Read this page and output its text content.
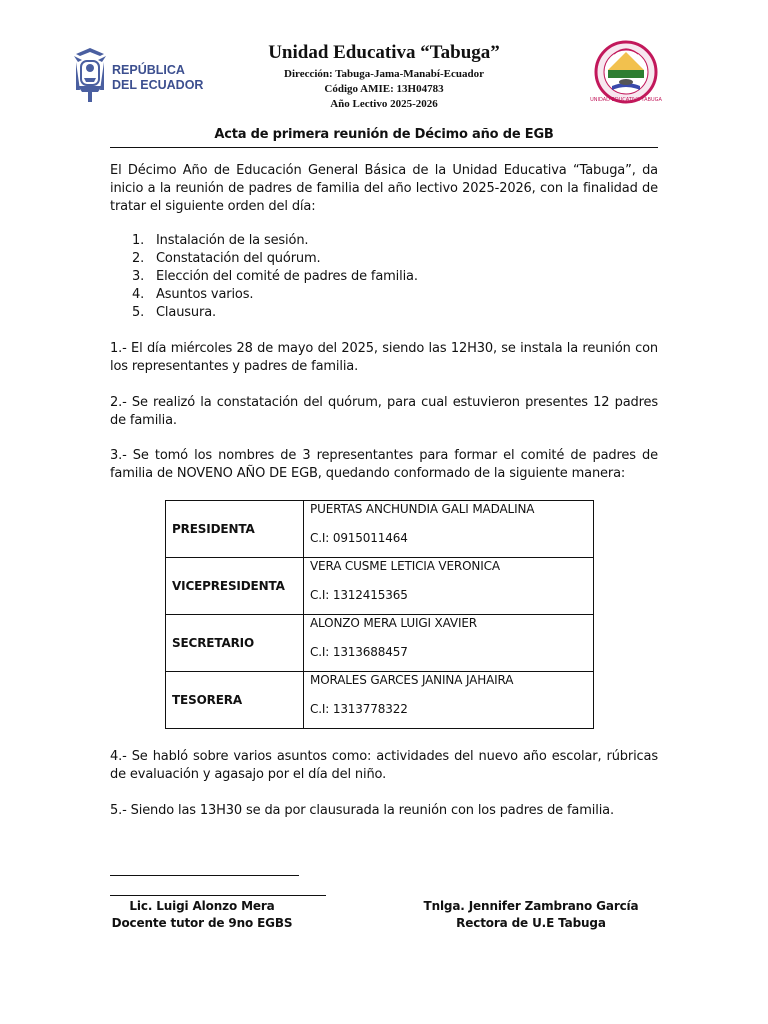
REPÚBLICA
DEL ECUADOR
Unidad Educativa “Tabuga”
Dirección: Tabuga-Jama-Manabí-Ecuador
Código AMIE: 13H04783
Año Lectivo 2025-2026	UNIDAD EDUCATIVA TABUGA
Acta de primera reunión de Décimo año de EGB
El Décimo Año de Educación General Básica de la Unidad Educativa “Tabuga”, da inicio a la reunión de padres de familia del año lectivo 2025-2026, con la finalidad de tratar el siguiente orden del día:
1. Instalación de la sesión.
2. Constatación del quórum.
3. Elección del comité de padres de familia.
4. Asuntos varios.
5. Clausura.
1.- El día miércoles 28 de mayo del 2025, siendo las 12H30, se instala la reunión con los representantes y padres de familia.
2.- Se realizó la constatación del quórum, para cual estuvieron presentes 12 padres de familia.
3.- Se tomó los nombres de 3 representantes para formar el comité de padres de familia de NOVENO AÑO DE EGB, quedando conformado de la siguiente manera:
PRESIDENTA	PUERTAS ANCHUNDIA GALI MADALINA
C.I: 0915011464

VICEPRESIDENTA	VERA CUSME LETICIA VERONICA
C.I: 1312415365

SECRETARIO	ALONZO MERA LUIGI XAVIER
C.I: 1313688457

TESORERA	MORALES GARCES JANINA JAHAIRA
C.I: 1313778322
4.- Se habló sobre varios asuntos como: actividades del nuevo año escolar, rúbricas de evaluación y agasajo por el día del niño.
5.- Siendo las 13H30 se da por clausurada la reunión con los padres de familia.
Lic. Luigi Alonzo Mera
Docente tutor de 9no EGBS
Tnlga. Jennifer Zambrano García
Rectora de U.E Tabuga
